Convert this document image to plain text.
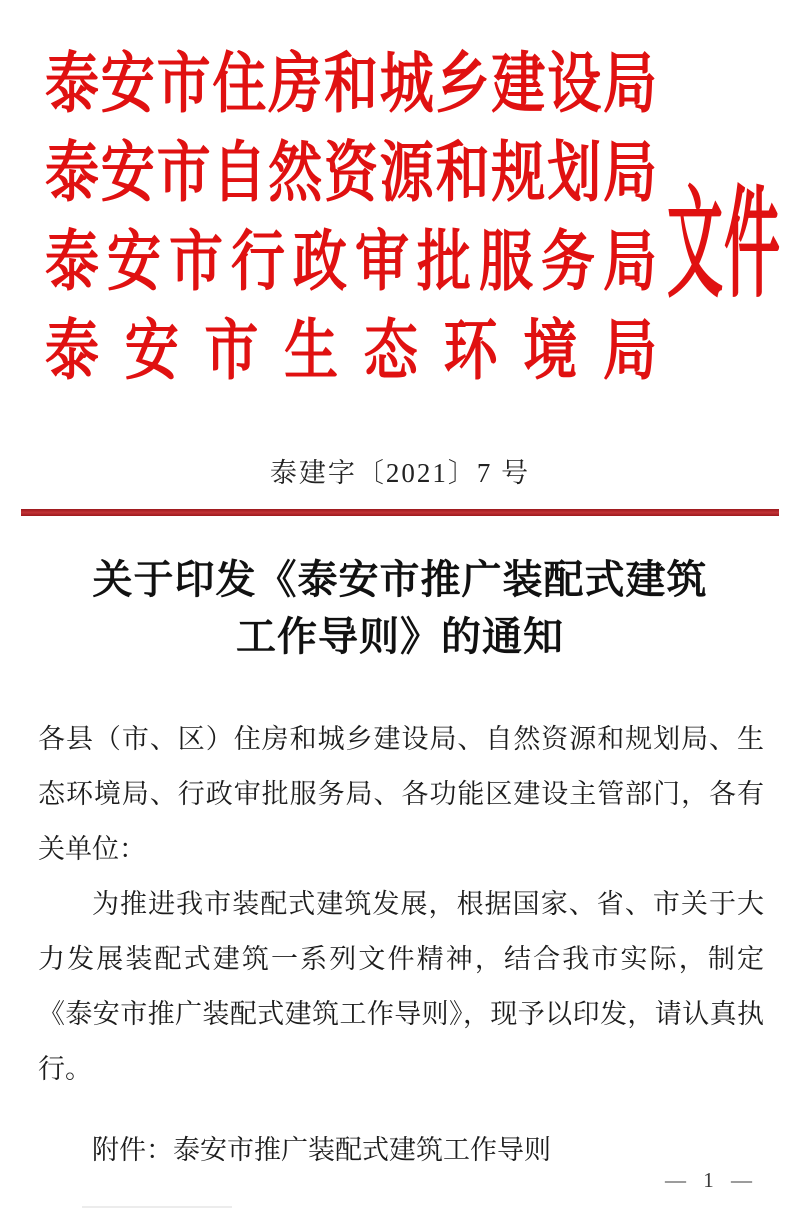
泰安市住房和城乡建设局
泰安市自然资源和规划局
泰安市行政审批服务局
泰安市生态环境局
文件
泰建字〔2021〕7 号
关于印发《泰安市推广装配式建筑
工作导则》的通知

各县（市、区）住房和城乡建设局、自然资源和规划局、生态环境局、行政审批服务局、各功能区建设主管部门，各有关单位：

为推进我市装配式建筑发展，根据国家、省、市关于大力发展装配式建筑一系列文件精神，结合我市实际，制定《泰安市推广装配式建筑工作导则》，现予以印发，请认真执行。

附件：泰安市推广装配式建筑工作导则

— 1 —
